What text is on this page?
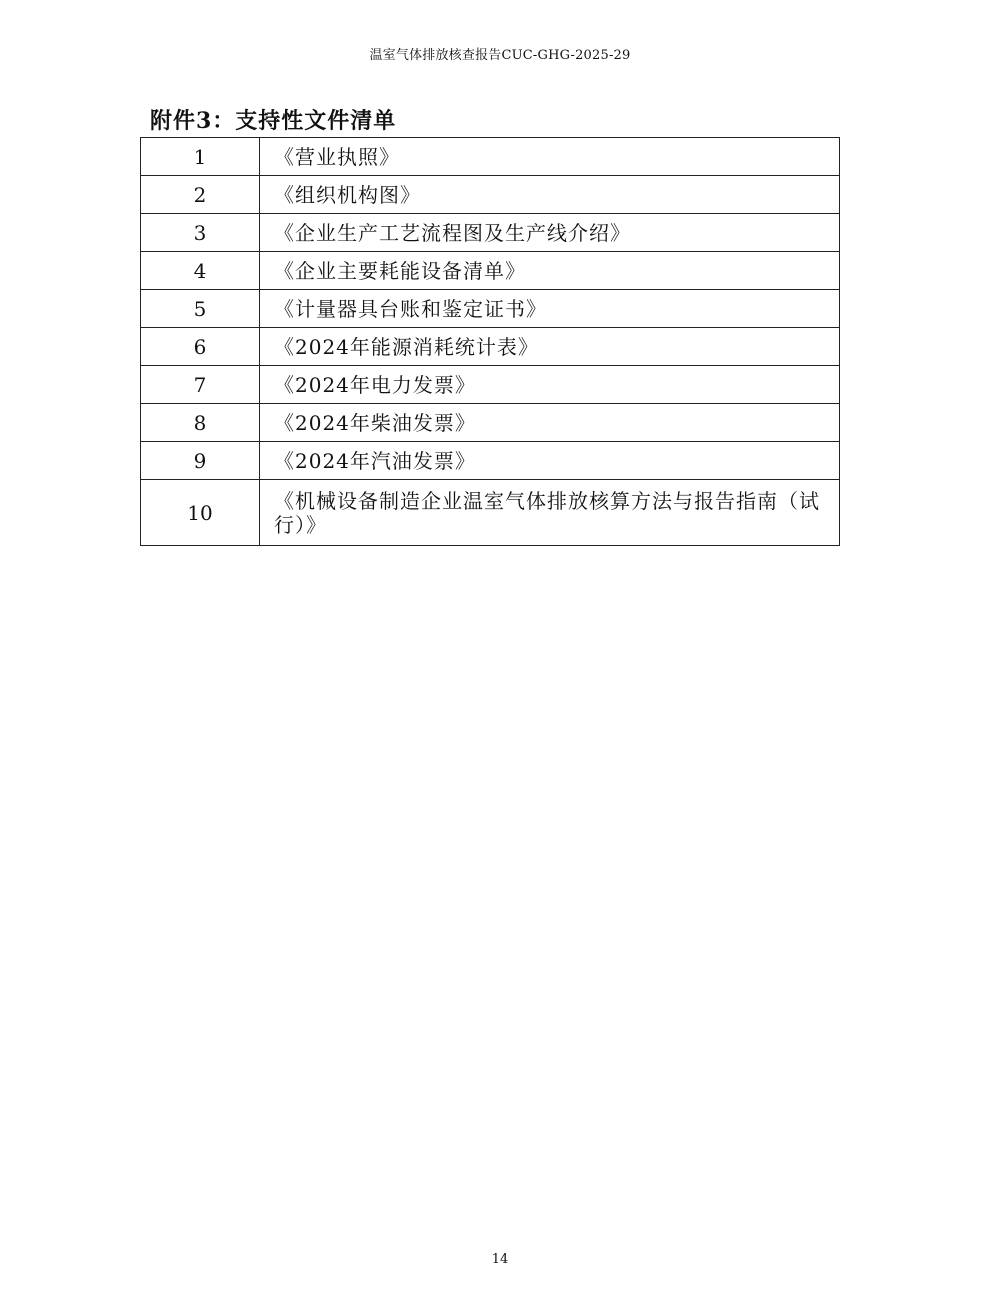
温室气体排放核查报告CUC-GHG-2025-29
附件3：支持性文件清单
1	《营业执照》
2	《组织机构图》
3	《企业生产工艺流程图及生产线介绍》
4	《企业主要耗能设备清单》
5	《计量器具台账和鉴定证书》
6	《2024年能源消耗统计表》
7	《2024年电力发票》
8	《2024年柴油发票》
9	《2024年汽油发票》
10	《机械设备制造企业温室气体排放核算方法与报告指南（试行）》
14
